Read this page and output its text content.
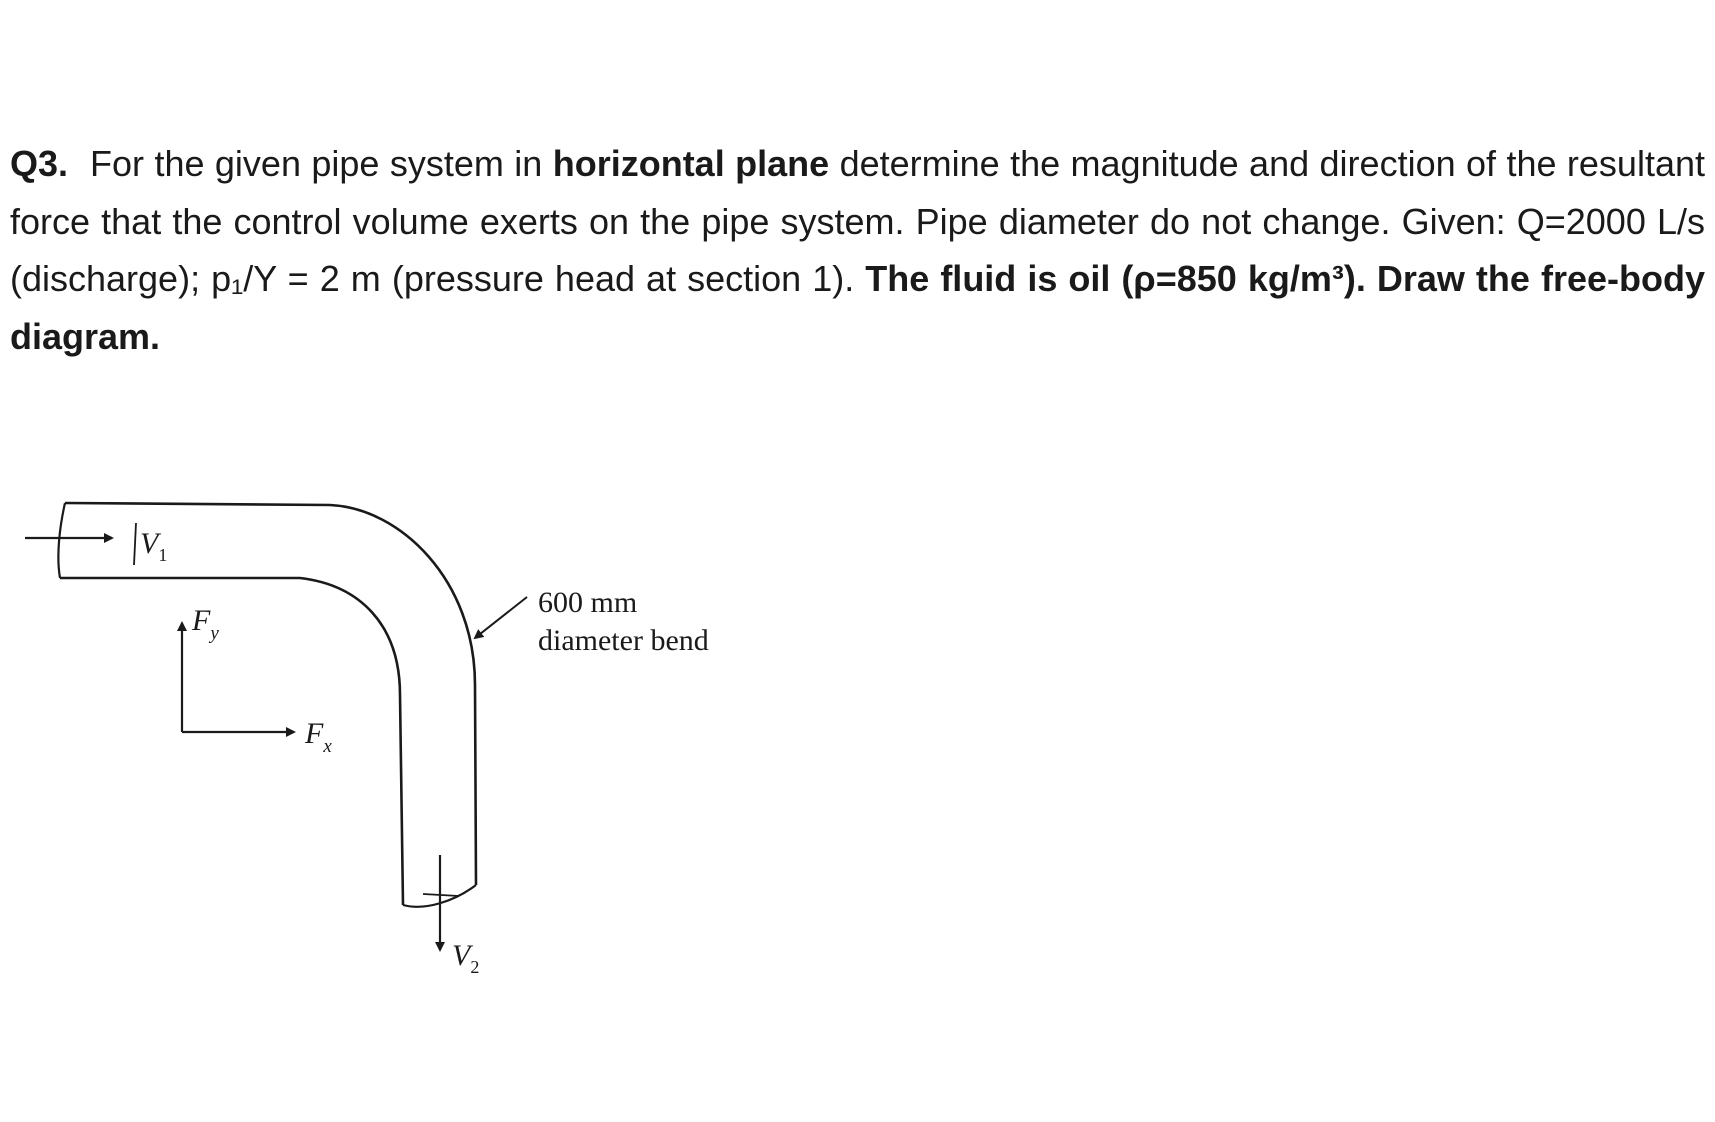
Q3. For the given pipe system in horizontal plane determine the magnitude and direction of the resultant force that the control volume exerts on the pipe system. Pipe diameter do not change. Given: Q=2000 L/s (discharge); p₁/Υ = 2 m (pressure head at section 1). The fluid is oil (ρ=850 kg/m³). Draw the free-body diagram.

$V_1$
$V_2$
$F_y$
$F_x$
600 mm
diameter bend
